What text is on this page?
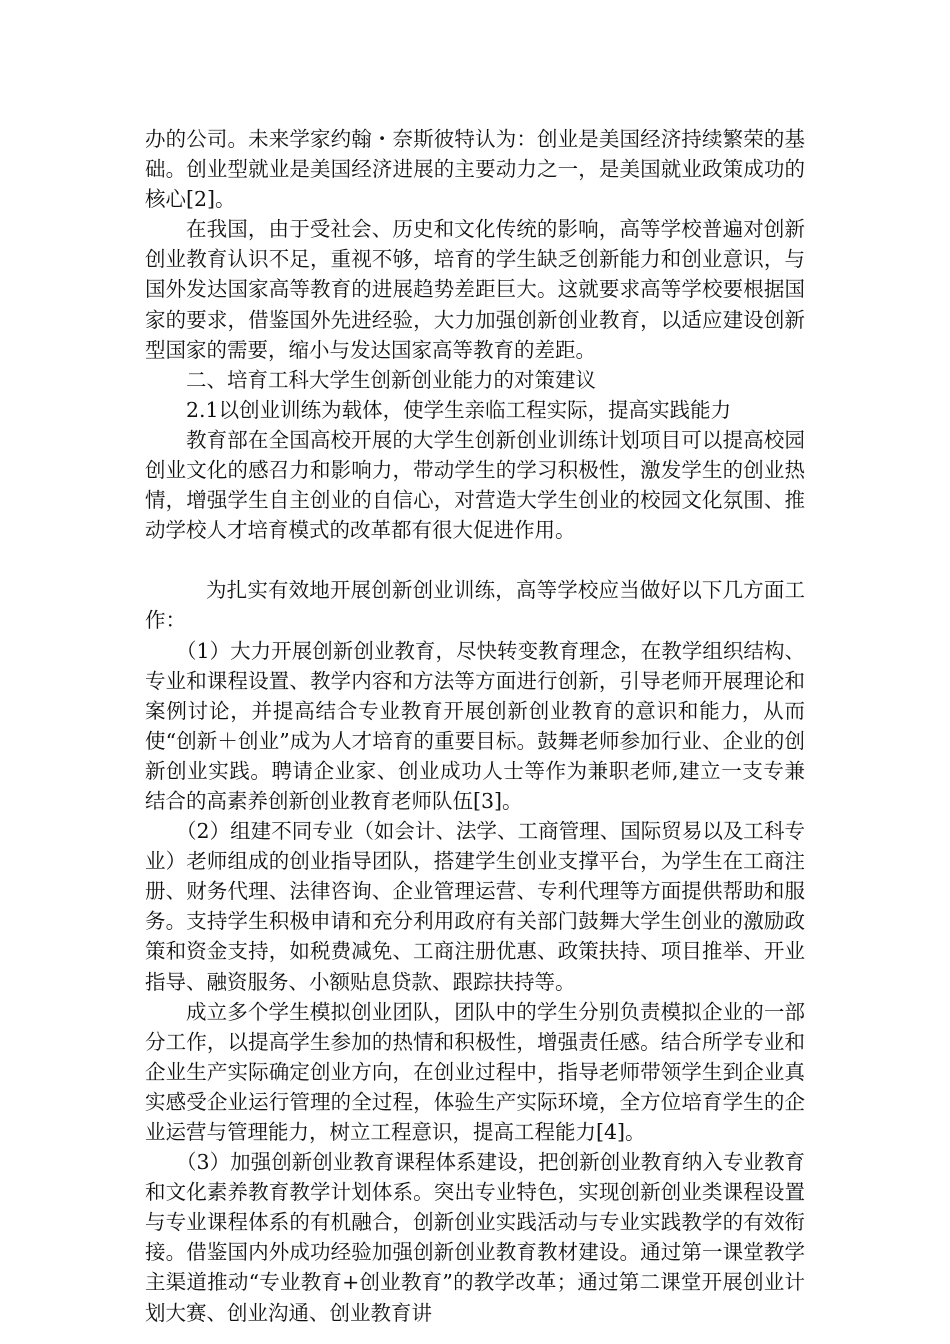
办的公司。未来学家约翰・奈斯彼特认为：创业是美国经济持续繁荣的基础。创业型就业是美国经济进展的主要动力之一，是美国就业政策成功的核心[2]。

在我国，由于受社会、历史和文化传统的影响，高等学校普遍对创新创业教育认识不足，重视不够，培育的学生缺乏创新能力和创业意识，与国外发达国家高等教育的进展趋势差距巨大。这就要求高等学校要根据国家的要求，借鉴国外先进经验，大力加强创新创业教育，以适应建设创新型国家的需要，缩小与发达国家高等教育的差距。

二、培育工科大学生创新创业能力的对策建议

2.1以创业训练为载体，使学生亲临工程实际，提高实践能力

教育部在全国高校开展的大学生创新创业训练计划项目可以提高校园创业文化的感召力和影响力，带动学生的学习积极性，激发学生的创业热情，增强学生自主创业的自信心，对营造大学生创业的校园文化氛围、推动学校人才培育模式的改革都有很大促进作用。

为扎实有效地开展创新创业训练，高等学校应当做好以下几方面工作：

（1）大力开展创新创业教育，尽快转变教育理念，在教学组织结构、专业和课程设置、教学内容和方法等方面进行创新，引导老师开展理论和案例讨论，并提高结合专业教育开展创新创业教育的意识和能力，从而使“创新＋创业”成为人才培育的重要目标。鼓舞老师参加行业、企业的创新创业实践。聘请企业家、创业成功人士等作为兼职老师,建立一支专兼结合的高素养创新创业教育老师队伍[3]。

（2）组建不同专业（如会计、法学、工商管理、国际贸易以及工科专业）老师组成的创业指导团队，搭建学生创业支撑平台，为学生在工商注册、财务代理、法律咨询、企业管理运营、专利代理等方面提供帮助和服务。支持学生积极申请和充分利用政府有关部门鼓舞大学生创业的激励政策和资金支持，如税费减免、工商注册优惠、政策扶持、项目推举、开业指导、融资服务、小额贴息贷款、跟踪扶持等。

成立多个学生模拟创业团队，团队中的学生分别负责模拟企业的一部分工作，以提高学生参加的热情和积极性，增强责任感。结合所学专业和企业生产实际确定创业方向，在创业过程中，指导老师带领学生到企业真实感受企业运行管理的全过程，体验生产实际环境，全方位培育学生的企业运营与管理能力，树立工程意识，提高工程能力[4]。

（3）加强创新创业教育课程体系建设，把创新创业教育纳入专业教育和文化素养教育教学计划体系。突出专业特色，实现创新创业类课程设置与专业课程体系的有机融合，创新创业实践活动与专业实践教学的有效衔接。借鉴国内外成功经验加强创新创业教育教材建设。通过第一课堂教学主渠道推动“专业教育+创业教育”的教学改革；通过第二课堂开展创业计划大赛、创业沟通、创业教育讲
